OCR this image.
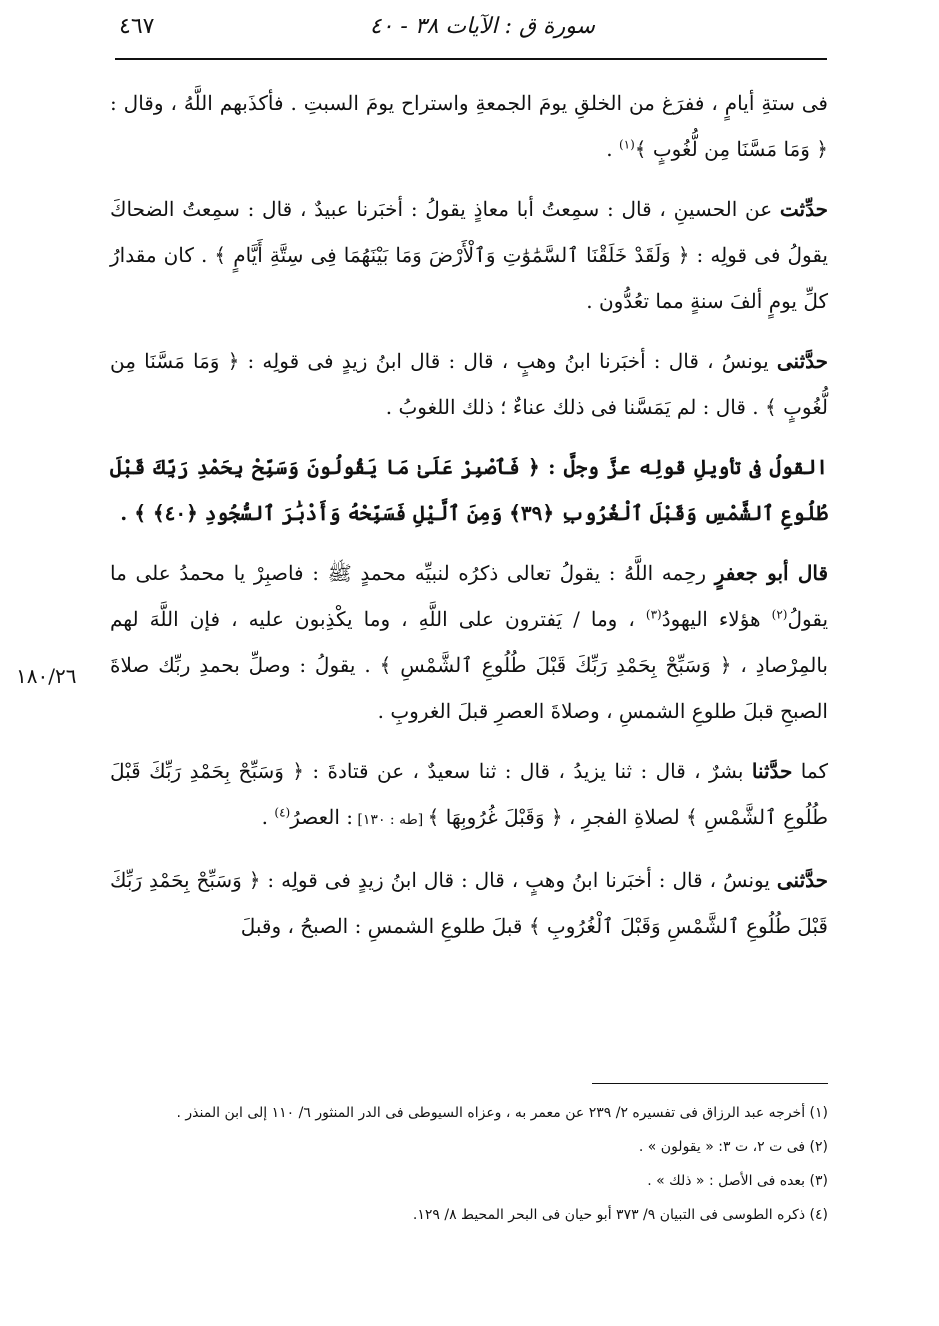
سورة ق : الآيات ٣٨ - ٤٠
٤٦٧
١٨٠/٢٦

فى ستةِ أيامٍ ، ففرَغ من الخلقِ يومَ الجمعةِ واستراح يومَ السبتِ . فأكذَبهم اللَّهُ ، وقال : ﴿ وَمَا مَسَّنَا مِن لُّغُوبٍ ﴾$^{(١)}$ .

حدِّثت عن الحسينِ ، قال : سمِعتُ أبا معاذٍ يقولُ : أخبَرنا عبيدٌ ، قال : سمِعتُ الضحاكَ يقولُ فى قولِه : ﴿ وَلَقَدْ خَلَقْنَا ٱلسَّمَٰوَٰتِ وَٱلْأَرْضَ وَمَا بَيْنَهُمَا فِى سِتَّةِ أَيَّامٍ ﴾ . كان مقدارُ كلِّ يومٍ ألفَ سنةٍ مما تعُدُّون .

حدَّثنى يونسُ ، قال : أخبَرنا ابنُ وهبٍ ، قال : قال ابنُ زيدٍ فى قولِه : ﴿ وَمَا مَسَّنَا مِن لُّغُوبٍ ﴾ . قال : لم يَمَسَّنا فى ذلك عناءٌ ؛ ذلك اللغوبُ .

القولُ فى تأويلِ قولِه عزَّ وجلَّ : ﴿ فَٱصْبِرْ عَلَىٰ مَا يَقُولُونَ وَسَبِّحْ بِحَمْدِ رَبِّكَ قَبْلَ طُلُوعِ ٱلشَّمْسِ وَقَبْلَ ٱلْغُرُوبِ ﴿٣٩﴾ وَمِنَ ٱلَّيْلِ فَسَبِّحْهُ وَأَدْبَٰرَ ٱلسُّجُودِ ﴿٤٠﴾ ﴾ .

قال أبو جعفرٍ رحِمه اللَّهُ : يقولُ تعالى ذكرُه لنبيِّه محمدٍ ﷺ : فاصبِرْ يا محمدُ على ما يقولُ$^{(٢)}$ هؤلاء اليهودُ$^{(٣)}$ ، وما / يَفترون على اللَّهِ ، وما يكْذِبون عليه ، فإن اللَّهَ لهم بالمِرْصادِ ، ﴿ وَسَبِّحْ بِحَمْدِ رَبِّكَ قَبْلَ طُلُوعِ ٱلشَّمْسِ ﴾ . يقولُ : وصلِّ بحمدِ ربِّك صلاةَ الصبحِ قبلَ طلوعِ الشمسِ ، وصلاةَ العصرِ قبلَ الغروبِ .

كما حدَّثنا بشرٌ ، قال : ثنا يزيدُ ، قال : ثنا سعيدٌ ، عن قتادةَ : ﴿ وَسَبِّحْ بِحَمْدِ رَبِّكَ قَبْلَ طُلُوعِ ٱلشَّمْسِ ﴾ لصلاةِ الفجرِ ، ﴿ وَقَبْلَ غُرُوبِهَا ﴾ [طه : ١٣٠] : العصرُ$^{(٤)}$ .

حدَّثنى يونسُ ، قال : أخبَرنا ابنُ وهبٍ ، قال : قال ابنُ زيدٍ فى قولِه : ﴿ وَسَبِّحْ بِحَمْدِ رَبِّكَ قَبْلَ طُلُوعِ ٱلشَّمْسِ وَقَبْلَ ٱلْغُرُوبِ ﴾ قبلَ طلوعِ الشمسِ : الصبحُ ، وقبلَ

(١) أخرجه عبد الرزاق فى تفسيره ٢/ ٢٣٩ عن معمر به ، وعزاه السيوطى فى الدر المنثور ٦/ ١١٠ إلى ابن المنذر .
(٢) فى ت ٢، ت ٣: « يقولون » .
(٣) بعده فى الأصل : « ذلك » .
(٤) ذكره الطوسى فى التبيان ٩/ ٣٧٣ أبو حيان فى البحر المحيط ٨/ ١٢٩.
